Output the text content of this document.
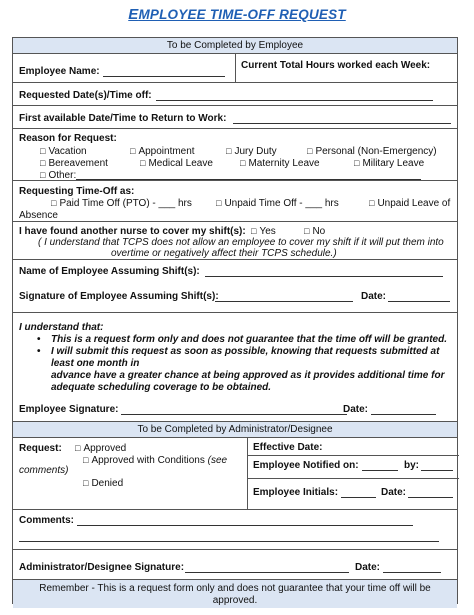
EMPLOYEE TIME-OFF REQUEST
To be Completed by Employee
Employee Name:
Current Total Hours worked each Week:
Requested Date(s)/Time off:
First available Date/Time to Return to Work:
Reason for Request:
□ Vacation	□ Appointment	□ Jury Duty	□ Personal (Non-Emergency)
□ Bereavement	□ Medical Leave	□ Maternity Leave	□ Military Leave
□ Other:
Requesting Time-Off as:
□ Paid Time Off (PTO) - ___ hrs	□ Unpaid Time Off - ___ hrs	□ Unpaid Leave of
Absence
I have found another nurse to cover my shift(s): □ Yes	□ No
( I understand that TCPS does not allow an employee to cover my shift if it will put them into
overtime or negatively affect their TCPS schedule.)
Name of Employee Assuming Shift(s):
Signature of Employee Assuming Shift(s):	Date:
I understand that:
• This is a request form only and does not guarantee that the time off will be granted.
• I will submit this request as soon as possible, knowing that requests submitted at
least one month in
advance have a greater chance at being approved as it provides additional time for
adequate scheduling coverage to be obtained.
Employee Signature:	Date:
To be Completed by Administrator/Designee
Request: □ Approved
□ Approved with Conditions (see
comments)
□ Denied
Effective Date:
Employee Notified on:	by:
Employee Initials:	Date:
Comments:
Administrator/Designee Signature:	Date:
Remember - This is a request form only and does not guarantee that your time off will be
approved.
